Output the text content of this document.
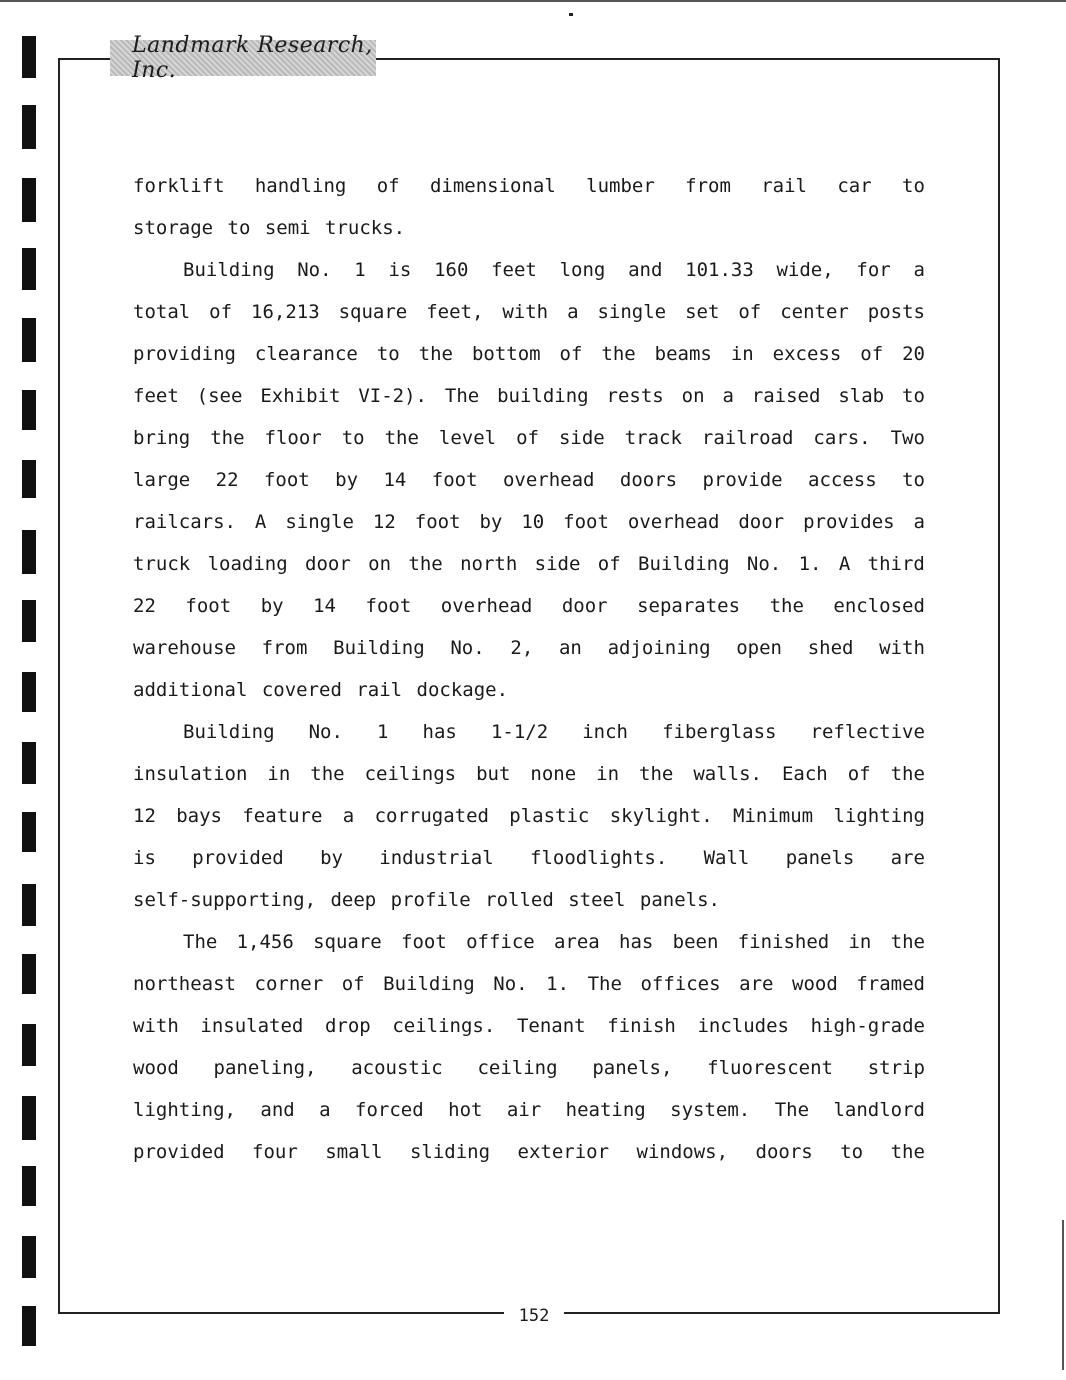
Landmark Research, Inc.
forklift handling of dimensional lumber from rail car to
storage to semi trucks.
Building No. 1 is 160 feet long and 101.33 wide, for a
total of 16,213 square feet, with a single set of center posts
providing clearance to the bottom of the beams in excess of 20
feet (see Exhibit VI-2). The building rests on a raised slab to
bring the floor to the level of side track railroad cars. Two
large 22 foot by 14 foot overhead doors provide access to
railcars. A single 12 foot by 10 foot overhead door provides a
truck loading door on the north side of Building No. 1. A third
22 foot by 14 foot overhead door separates the enclosed
warehouse from Building No. 2, an adjoining open shed with
additional covered rail dockage.
Building No. 1 has 1-1/2 inch fiberglass reflective
insulation in the ceilings but none in the walls. Each of the
12 bays feature a corrugated plastic skylight. Minimum lighting
is provided by industrial floodlights. Wall panels are
self-supporting, deep profile rolled steel panels.
The 1,456 square foot office area has been finished in the
northeast corner of Building No. 1. The offices are wood framed
with insulated drop ceilings. Tenant finish includes high-grade
wood paneling, acoustic ceiling panels, fluorescent strip
lighting, and a forced hot air heating system. The landlord
provided four small sliding exterior windows, doors to the
152
